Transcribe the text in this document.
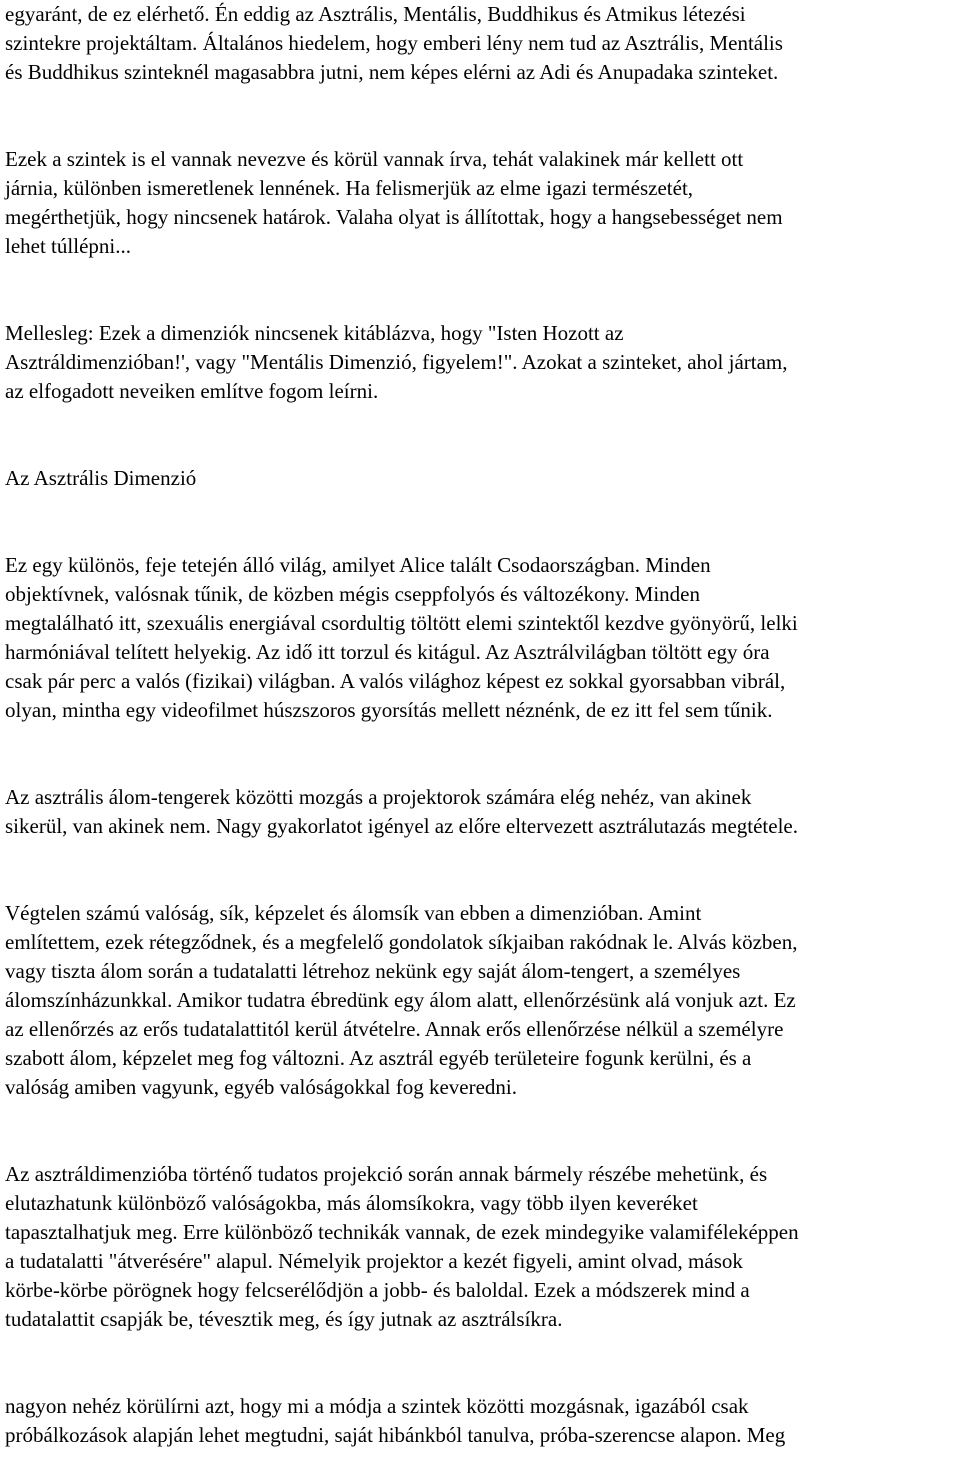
egyaránt, de ez elérhető. Én eddig az Asztrális, Mentális, Buddhikus és Atmikus létezési
szintekre projektáltam. Általános hiedelem, hogy emberi lény nem tud az Asztrális, Mentális
és Buddhikus szinteknél magasabbra jutni, nem képes elérni az Adi és Anupadaka szinteket.
Ezek a szintek is el vannak nevezve és körül vannak írva, tehát valakinek már kellett ott
járnia, különben ismeretlenek lennének. Ha felismerjük az elme igazi természetét,
megérthetjük, hogy nincsenek határok. Valaha olyat is állítottak, hogy a hangsebességet nem
lehet túllépni...
Mellesleg: Ezek a dimenziók nincsenek kitáblázva, hogy "Isten Hozott az
Asztráldimenzióban!', vagy "Mentális Dimenzió, figyelem!". Azokat a szinteket, ahol jártam,
az elfogadott neveiken említve fogom leírni.
Az Asztrális Dimenzió
Ez egy különös, feje tetején álló világ, amilyet Alice talált Csodaországban. Minden
objektívnek, valósnak tűnik, de közben mégis cseppfolyós és változékony. Minden
megtalálható itt, szexuális energiával csordultig töltött elemi szintektől kezdve gyönyörű, lelki
harmóniával telített helyekig. Az idő itt torzul és kitágul. Az Asztrálvilágban töltött egy óra
csak pár perc a valós (fizikai) világban. A valós világhoz képest ez sokkal gyorsabban vibrál,
olyan, mintha egy videofilmet húszszoros gyorsítás mellett néznénk, de ez itt fel sem tűnik.
Az asztrális álom-tengerek közötti mozgás a projektorok számára elég nehéz, van akinek
sikerül, van akinek nem. Nagy gyakorlatot igényel az előre eltervezett asztrálutazás megtétele.
Végtelen számú valóság, sík, képzelet és álomsík van ebben a dimenzióban. Amint
említettem, ezek rétegződnek, és a megfelelő gondolatok síkjaiban rakódnak le. Alvás közben,
vagy tiszta álom során a tudatalatti létrehoz nekünk egy saját álom-tengert, a személyes
álomszínházunkkal. Amikor tudatra ébredünk egy álom alatt, ellenőrzésünk alá vonjuk azt. Ez
az ellenőrzés az erős tudatalattitól kerül átvételre. Annak erős ellenőrzése nélkül a személyre
szabott álom, képzelet meg fog változni. Az asztrál egyéb területeire fogunk kerülni, és a
valóság amiben vagyunk, egyéb valóságokkal fog keveredni.
Az asztráldimenzióba történő tudatos projekció során annak bármely részébe mehetünk, és
elutazhatunk különböző valóságokba, más álomsíkokra, vagy több ilyen keveréket
tapasztalhatjuk meg. Erre különböző technikák vannak, de ezek mindegyike valamiféleképpen
a tudatalatti "átverésére" alapul. Némelyik projektor a kezét figyeli, amint olvad, mások
körbe-körbe pörögnek hogy felcserélődjön a jobb- és baloldal. Ezek a módszerek mind a
tudatalattit csapják be, tévesztik meg, és így jutnak az asztrálsíkra.
nagyon nehéz körülírni azt, hogy mi a módja a szintek közötti mozgásnak, igazából csak
próbálkozások alapján lehet megtudni, saját hibánkból tanulva, próba-szerencse alapon. Meg
